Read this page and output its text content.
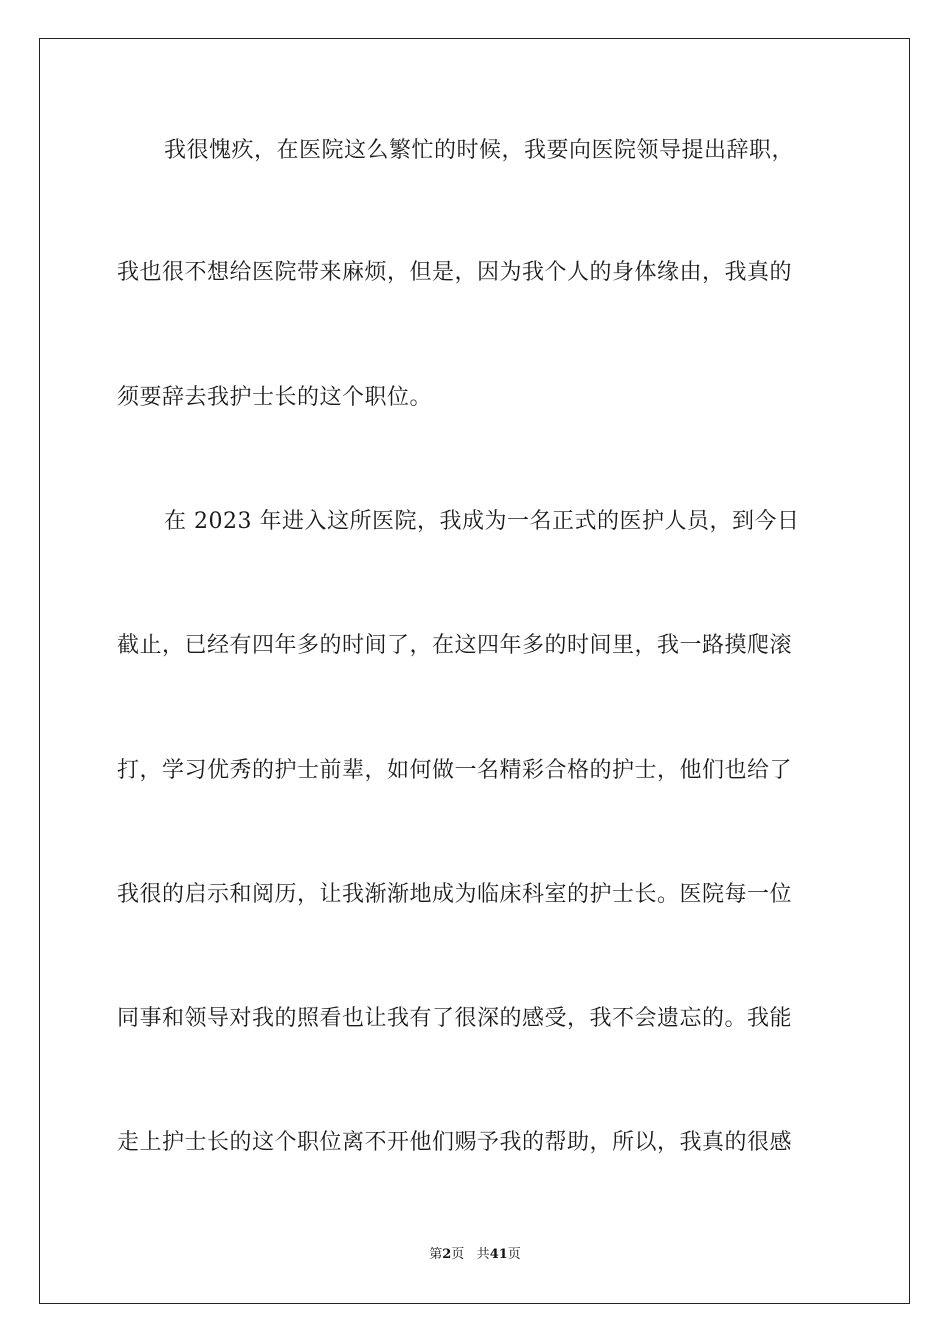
我很愧疚，在医院这么繁忙的时候，我要向医院领导提出辞职，
我也很不想给医院带来麻烦，但是，因为我个人的身体缘由，我真的
须要辞去我护士长的这个职位。
在 2023 年进入这所医院，我成为一名正式的医护人员，到今日
截止，已经有四年多的时间了，在这四年多的时间里，我一路摸爬滚
打，学习优秀的护士前辈，如何做一名精彩合格的护士，他们也给了
我很的启示和阅历，让我渐渐地成为临床科室的护士长。医院每一位
同事和领导对我的照看也让我有了很深的感受，我不会遗忘的。我能
走上护士长的这个职位离不开他们赐予我的帮助，所以，我真的很感
第2页 共41页
